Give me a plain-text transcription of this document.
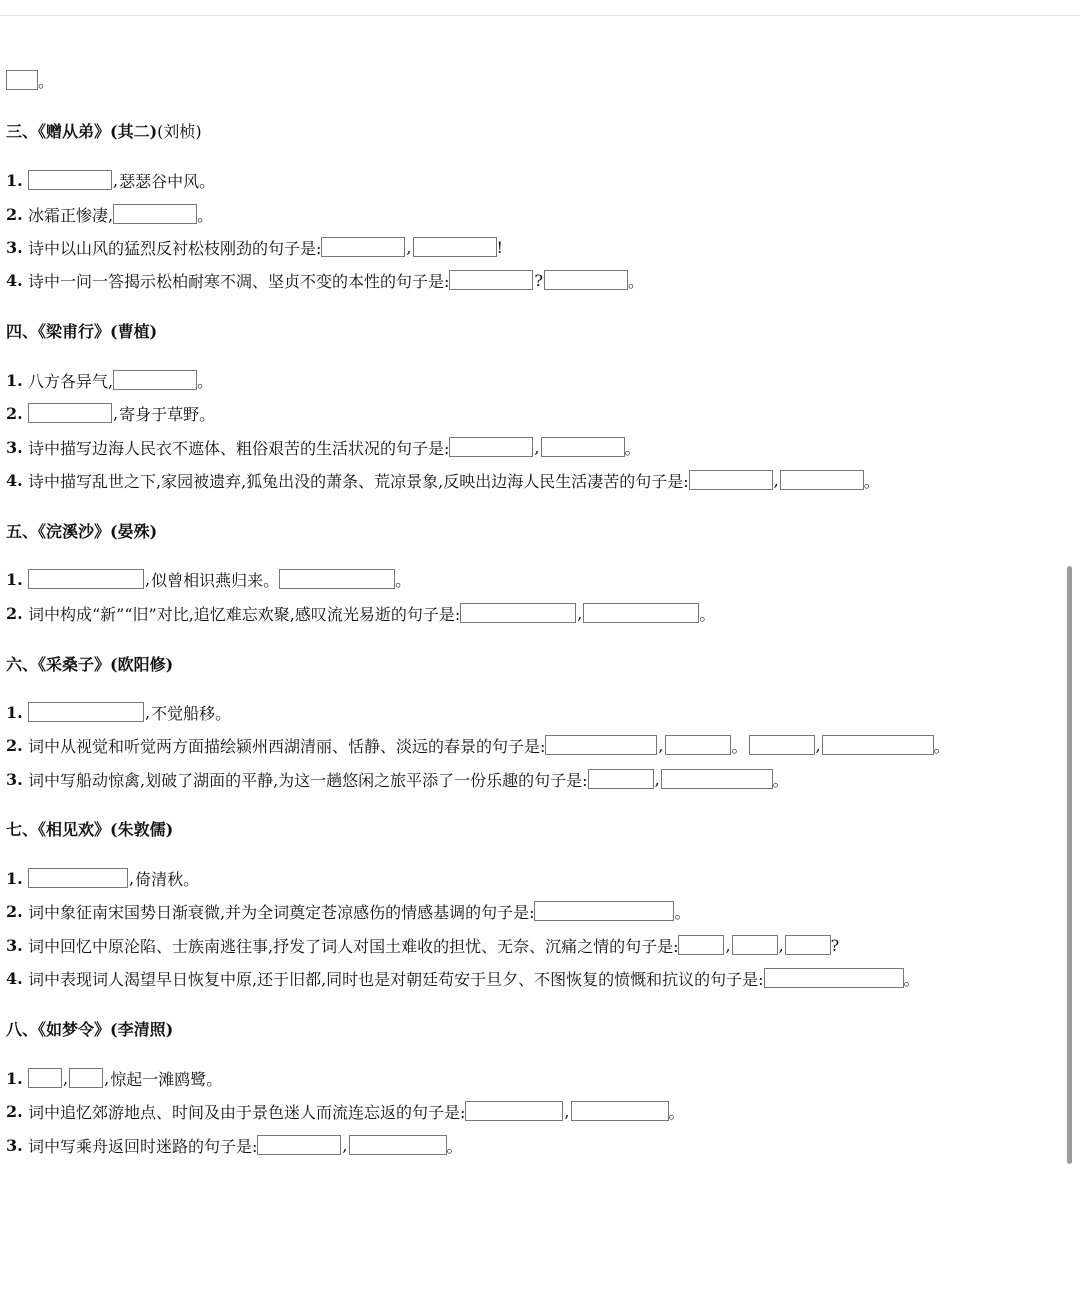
。
三、《赠从弟》(其二) (刘桢)
1.	, 瑟瑟谷中风。
2. 冰霜正惨凄,	。
3. 诗中以山风的猛烈反衬松枝刚劲的句子是:	,	!
4. 诗中一问一答揭示松柏耐寒不凋、坚贞不变的本性的句子是:	?	。
四、《梁甫行》 (曹植)
1. 八方各异气,	。
2.	, 寄身于草野。
3. 诗中描写边海人民衣不遮体、粗俗艰苦的生活状况的句子是:	,	。
4. 诗中描写乱世之下,家园被遗弃,狐兔出没的萧条、荒凉景象,反映出边海人民生活凄苦的句子是:	,	。
五、《浣溪沙》 (晏殊)
1.	, 似曾相识燕归来。	。
2. 词中构成“新”“旧”对比,追忆难忘欢聚,感叹流光易逝的句子是:	,	。
六、《采桑子》 (欧阳修)
1.	, 不觉船移。
2. 词中从视觉和听觉两方面描绘颍州西湖清丽、恬静、淡远的春景的句子是:	,	。	,	。
3. 词中写船动惊禽,划破了湖面的平静,为这一趟悠闲之旅平添了一份乐趣的句子是:	,	。
七、《相见欢》 (朱敦儒)
1.	, 倚清秋。
2. 词中象征南宋国势日渐衰微,并为全词奠定苍凉感伤的情感基调的句子是:	。
3. 词中回忆中原沦陷、士族南逃往事,抒发了词人对国土难收的担忧、无奈、沉痛之情的句子是:	,	,	?
4. 词中表现词人渴望早日恢复中原,还于旧都,同时也是对朝廷苟安于旦夕、不图恢复的愤慨和抗议的句子是:	。
八、《如梦令》 (李清照)
1.	, , 惊起一滩鸥鹭。
2. 词中追忆郊游地点、时间及由于景色迷人而流连忘返的句子是:	,	。
3. 词中写乘舟返回时迷路的句子是:	,	。
